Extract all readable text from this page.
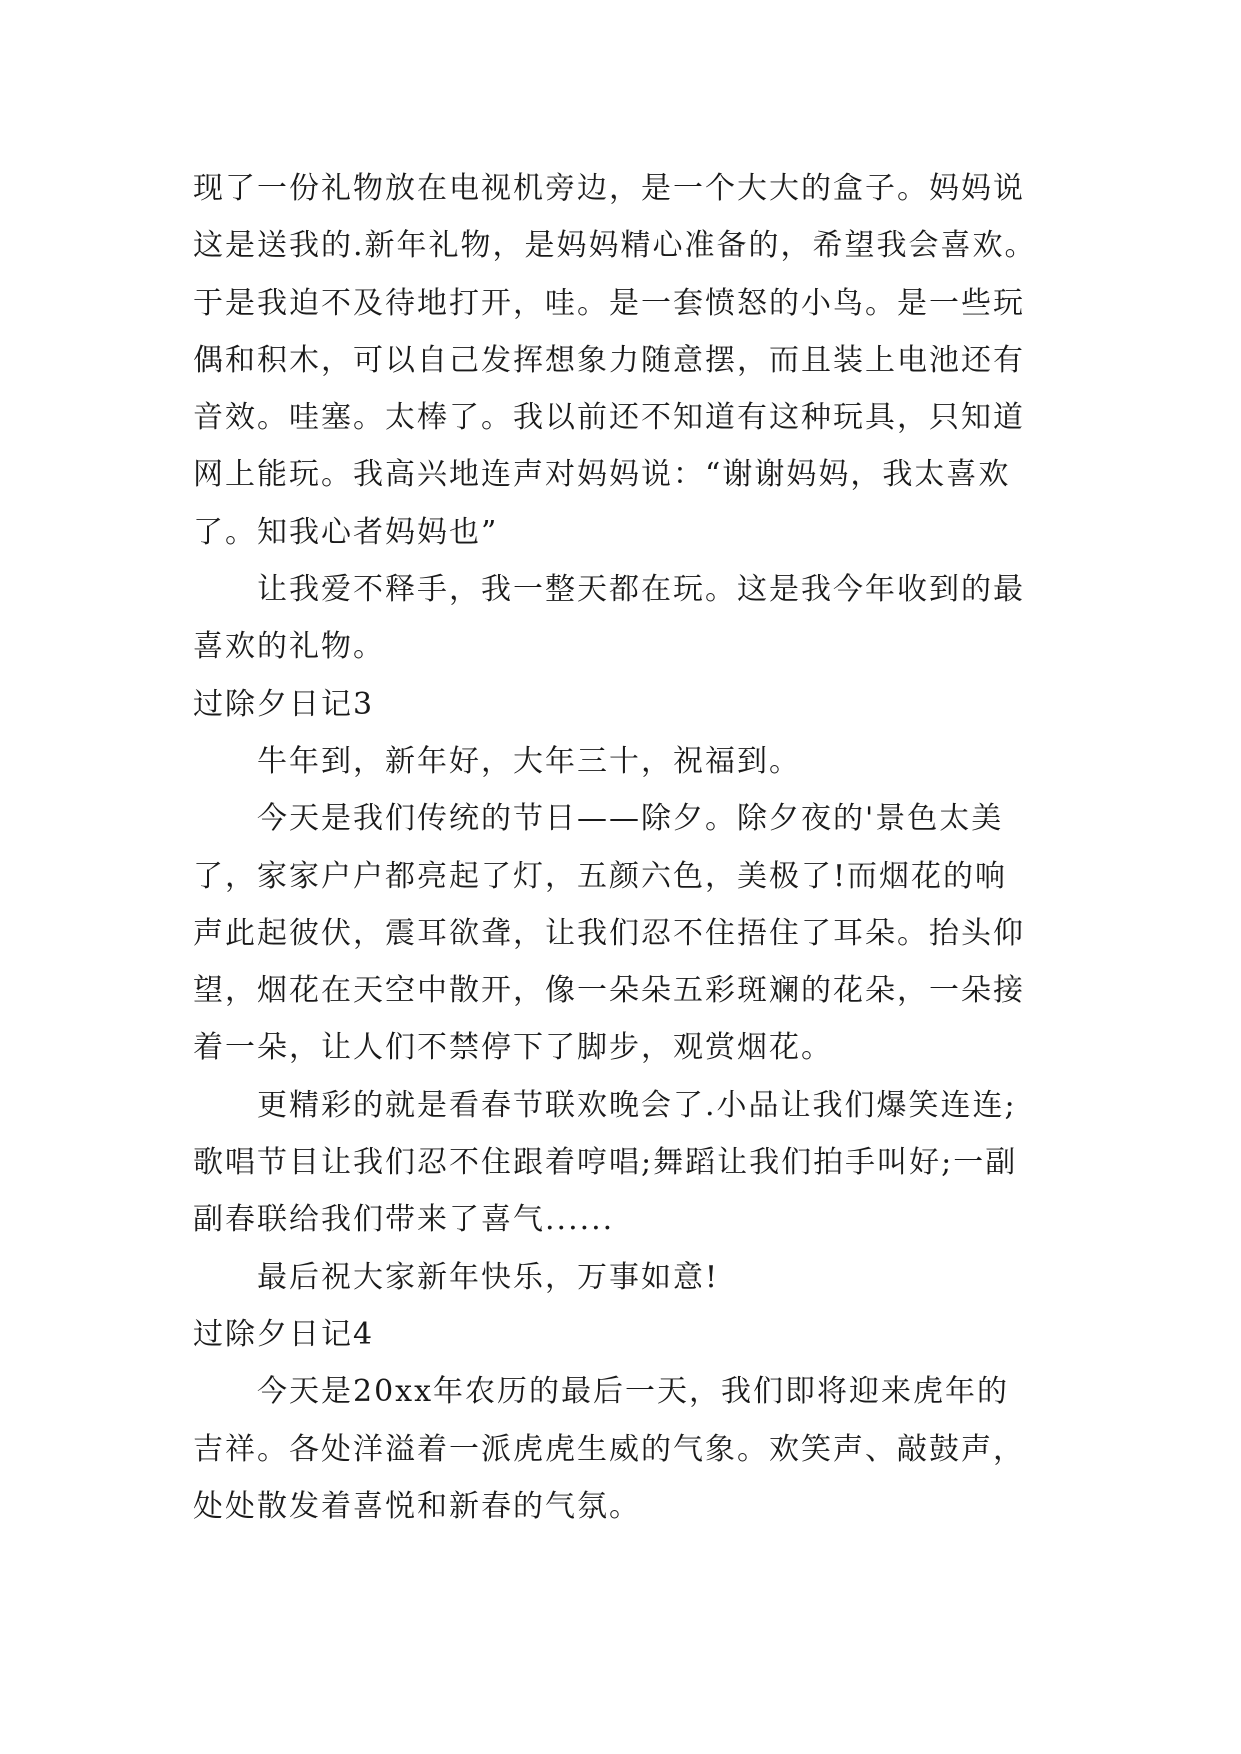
现了一份礼物放在电视机旁边，是一个大大的盒子。妈妈说
这是送我的.新年礼物，是妈妈精心准备的，希望我会喜欢。
于是我迫不及待地打开，哇。是一套愤怒的小鸟。是一些玩
偶和积木，可以自己发挥想象力随意摆，而且装上电池还有
音效。哇塞。太棒了。我以前还不知道有这种玩具，只知道
网上能玩。我高兴地连声对妈妈说：“谢谢妈妈，我太喜欢
了。知我心者妈妈也”
让我爱不释手，我一整天都在玩。这是我今年收到的最
喜欢的礼物。
过除夕日记3
牛年到，新年好，大年三十，祝福到。
今天是我们传统的节日——除夕。除夕夜的'景色太美
了，家家户户都亮起了灯，五颜六色，美极了!而烟花的响
声此起彼伏，震耳欲聋，让我们忍不住捂住了耳朵。抬头仰
望，烟花在天空中散开，像一朵朵五彩斑斓的花朵，一朵接
着一朵，让人们不禁停下了脚步，观赏烟花。
更精彩的就是看春节联欢晚会了.小品让我们爆笑连连;
歌唱节目让我们忍不住跟着哼唱;舞蹈让我们拍手叫好;一副
副春联给我们带来了喜气......
最后祝大家新年快乐，万事如意!
过除夕日记4
今天是20xx年农历的最后一天，我们即将迎来虎年的
吉祥。各处洋溢着一派虎虎生威的气象。欢笑声、敲鼓声，
处处散发着喜悦和新春的气氛。
